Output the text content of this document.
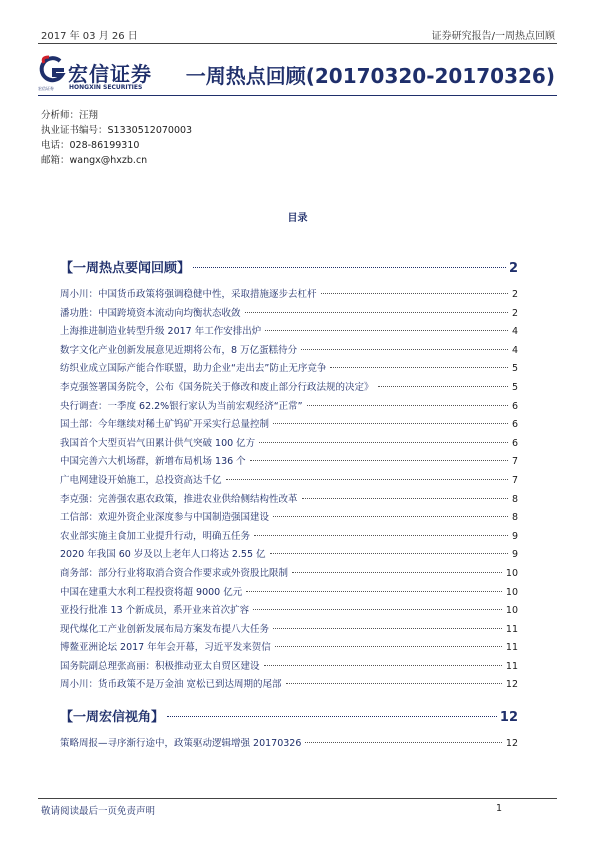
2017 年 03 月 26 日	证券研究报告/一周热点回顾
宏信证券
宏信证券	HONGXIN SECURITIES 一周热点回顾(20170320-20170326)
分析师：汪翔
执业证书编号：S1330512070003
电话：028-86199310
邮箱：wangx@hxzb.cn
目录
【一周热点要闻回顾】	2
周小川：中国货币政策将强调稳健中性，采取措施逐步去杠杆	2
潘功胜：中国跨境资本流动向均衡状态收敛	2
上海推进制造业转型升级 2017 年工作安排出炉	4
数字文化产业创新发展意见近期将公布，8 万亿蛋糕待分	4
纺织业成立国际产能合作联盟，助力企业“走出去”防止无序竞争	5
李克强签署国务院令，公布《国务院关于修改和废止部分行政法规的决定》	5
央行调查：一季度 62.2%银行家认为当前宏观经济“正常”	6
国土部：今年继续对稀土矿钨矿开采实行总量控制	6
我国首个大型页岩气田累计供气突破 100 亿方	6
中国完善六大机场群，新增布局机场 136 个	7
广电网建设开始施工，总投资高达千亿	7
李克强：完善强农惠农政策，推进农业供给侧结构性改革	8
工信部：欢迎外资企业深度参与中国制造强国建设	8
农业部实施主食加工业提升行动，明确五任务	9
2020 年我国 60 岁及以上老年人口将达 2.55 亿	9
商务部：部分行业将取消合资合作要求或外资股比限制	10
中国在建重大水利工程投资将超 9000 亿元	10
亚投行批准 13 个新成员，系开业来首次扩容	10
现代煤化工产业创新发展布局方案发布提八大任务	11
博鳌亚洲论坛 2017 年年会开幕，习近平发来贺信	11
国务院副总理张高丽：积极推动亚太自贸区建设	11
周小川：货币政策不是万金油 宽松已到达周期的尾部	12
【一周宏信视角】	12
策略周报—寻序渐行途中，政策驱动逻辑增强 20170326	12
敬请阅读最后一页免责声明	1
